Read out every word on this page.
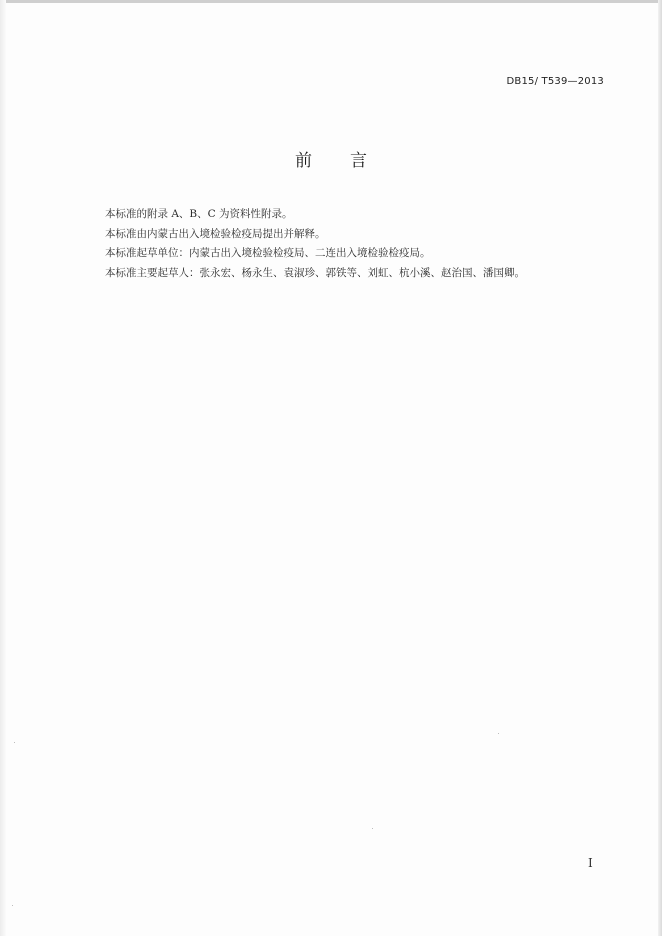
DB15/ T539—2013
前言

本标准的附录 A、B、C 为资料性附录。

本标准由内蒙古出入境检验检疫局提出并解释。

本标准起草单位：内蒙古出入境检验检疫局、二连出入境检验检疫局。

本标准主要起草人：张永宏、杨永生、袁淑珍、郭铁等、刘虹、杭小溪、赵治国、潘国卿。

I
